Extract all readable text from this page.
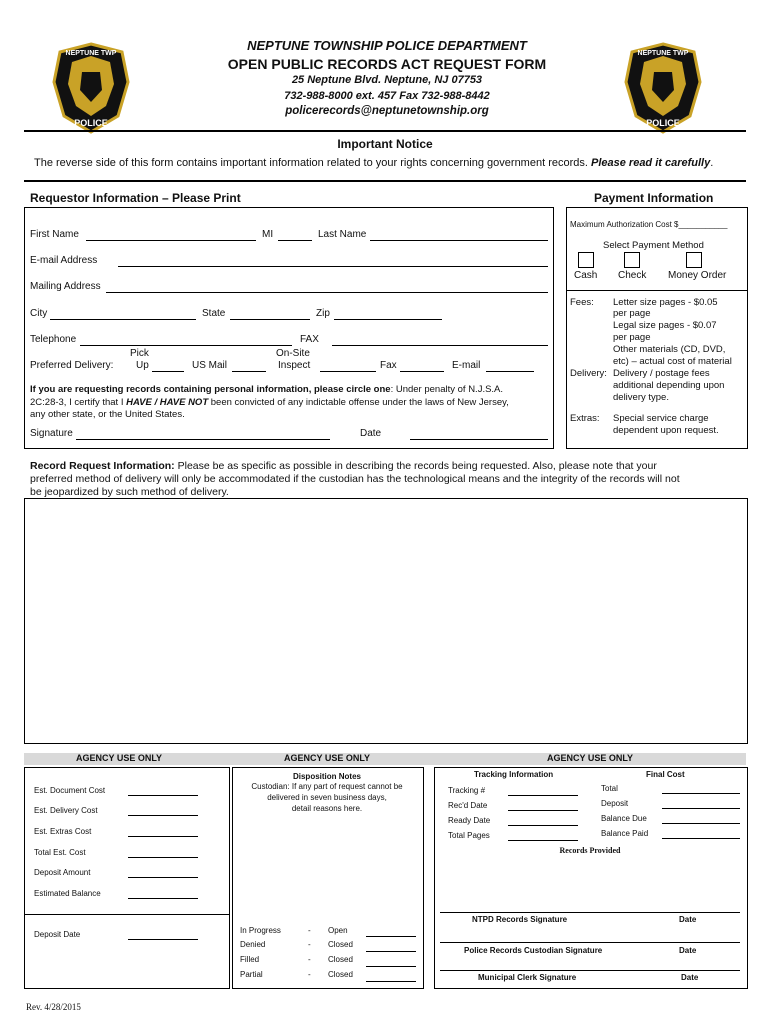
NEPTUNE TWP
POLICE
NEPTUNE TWP
POLICE
NEPTUNE TOWNSHIP POLICE DEPARTMENT
OPEN PUBLIC RECORDS ACT REQUEST FORM
25 Neptune Blvd. Neptune, NJ 07753
732-988-8000 ext. 457 Fax 732-988-8442
policerecords@neptunetownship.org
Important Notice
The reverse side of this form contains important information related to your rights concerning government records. Please read it carefully.
Requestor Information – Please Print	Payment Information
First Name	MI	Last Name
E-mail Address
Mailing Address
City	State	Zip
Telephone	FAX
Pick	On-Site
Preferred Delivery: Up	US Mail	Inspect	Fax	E-mail
If you are requesting records containing personal information, please circle one: Under penalty of N.J.S.A.
2C:28-3, I certify that I HAVE / HAVE NOT been convicted of any indictable offense under the laws of New Jersey,
any other state, or the United States.
Signature	Date
Maximum Authorization Cost $___________
Select Payment Method
Cash Check Money Order
Fees: Letter size pages - $0.05
per page
Legal size pages - $0.07
per page
Other materials (CD, DVD,
etc) – actual cost of material
Delivery: Delivery / postage fees
additional depending upon
delivery type.
Extras: Special service charge
dependent upon request.
Record Request Information: Please be as specific as possible in describing the records being requested. Also, please note that your
preferred method of delivery will only be accommodated if the custodian has the technological means and the integrity of the records will not
be jeopardized by such method of delivery.
AGENCY USE ONLY	AGENCY USE ONLY	AGENCY USE ONLY
Est. Document Cost
Est. Delivery Cost
Est. Extras Cost
Total Est. Cost
Deposit Amount
Estimated Balance
Deposit Date
Disposition Notes
Custodian: If any part of request cannot be
delivered in seven business days,
detail reasons here.
In Progress	- Open
Denied	- Closed
Filled	- Closed
Partial	- Closed
Tracking Information	Final Cost
Tracking #
Rec'd Date
Ready Date
Total Pages
Total
Deposit
Balance Due
Balance Paid
Records Provided
NTPD Records Signature	Date
Police Records Custodian Signature	Date
Municipal Clerk Signature	Date
Rev. 4/28/2015
